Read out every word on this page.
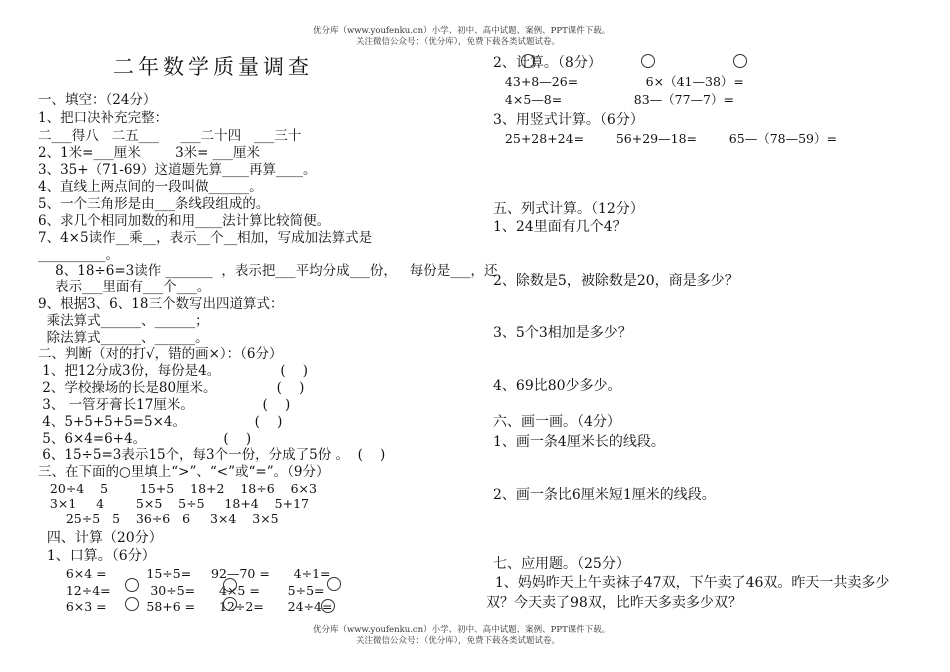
优分库（www.youfenku.cn）小学、初中、高中试题、案例、PPT课件下载。
关注微信公众号：（优分库），免费下载各类试题试卷。
优分库（www.youfenku.cn）小学、初中、高中试题、案例、PPT课件下载。
关注微信公众号：（优分库），免费下载各类试题试卷。
二年数学质量调查
一、填空：（24分）
1、把口决补充完整：
二___得八   二五___     ___二十四   ___三十
2、1米=___厘米        3米= ___厘米
3、35+（71-69）这道题先算____再算____。
4、直线上两点间的一段叫做______。
5、一个三角形是由___条线段组成的。
6、求几个相同加数的和用____法计算比较简便。
7、4×5读作__乘__，表示__个__相加，写成加法算式是
__________。
8、18÷6=3读作 _______  ，表示把___平均分成___份，   每份是___，还
表示___里面有___个___。
9、根据3、6、18三个数写出四道算式：
乘法算式______、______；
除法算式______、______。
二、判断（对的打√，错的画×）：（6分）
1、把12分成3份，每份是4。              (    )
2、学校操场的长是80厘米。              (    )
3、 一管牙膏长17厘米。                (    )
4、5+5+5+5=5×4。                (    )
5、6×4=6+4。                  (    )
6、15÷5=3表示15个，每3个一份，分成了5份 。  (    )
三、在下面的○里填上“>”、“<”或“=”。（9分）
20÷4    5        15+5    18+2    18÷6    6×3
3×1     4        5×5    5÷5     18+4    5+17
25÷5   5    36÷6   6     3×4    3×5
四、计算（20分）
1、口算。（6分）
6×4 =          15÷5=     92—70 =      4÷1=
12÷4=          30÷5=      4×5 =       5÷5=
6×3 =          58+6 =      12÷2=      24÷4=
2、计算。（8分）
43+8—26=                 6×（41—38）=
4×5—8=                  83—（77—7）=
3、用竖式计算。（6分）
25+28+24=        56+29—18=        65—（78—59）=
五、列式计算。（12分）
1、24里面有几个4？
2、除数是5，被除数是20，商是多少？
3、5个3相加是多少？
4、69比80少多少。
六、画一画。（4分）
1、画一条4厘米长的线段。
2、画一条比6厘米短1厘米的线段。
七、应用题。（25分）
1、妈妈昨天上午卖袜子47双，下午卖了46双。昨天一共卖多少
双？今天卖了98双，比昨天多卖多少双？
